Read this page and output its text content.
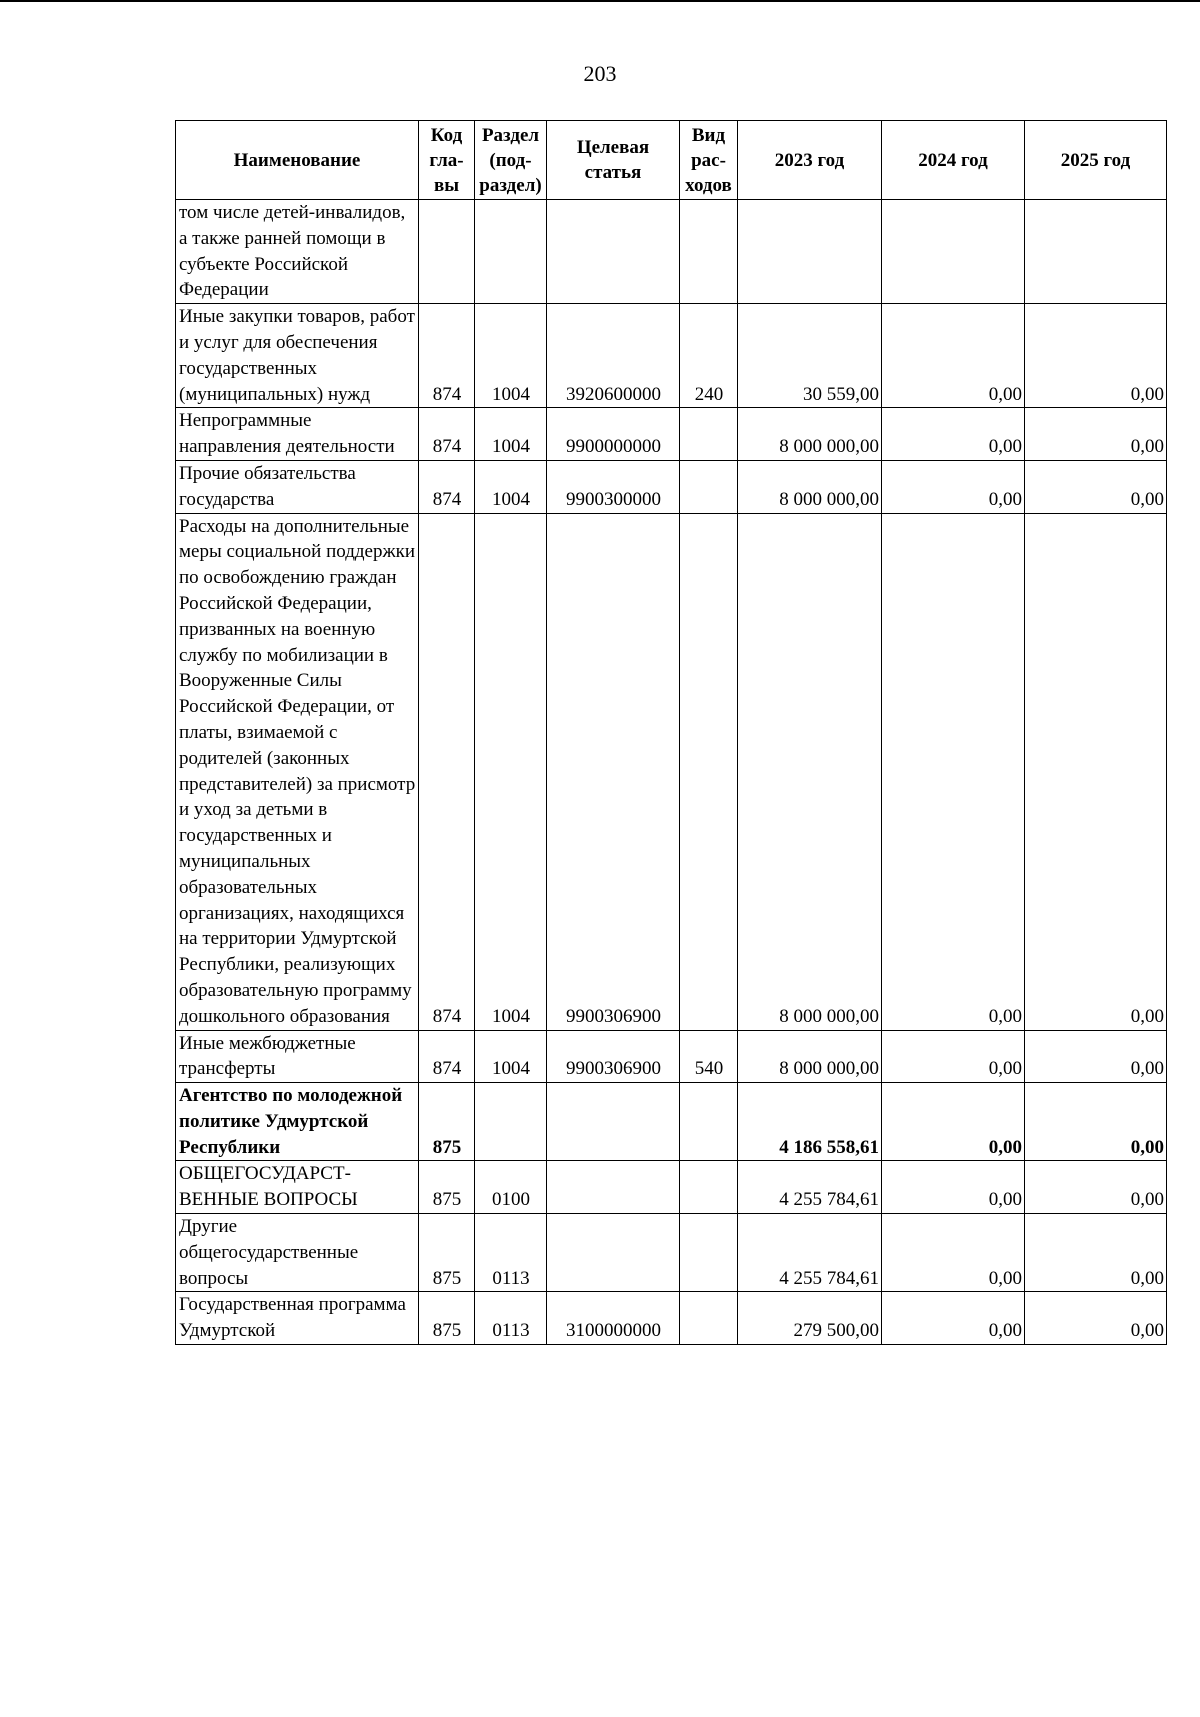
203
Наименование	Код гла-вы	Раздел (под-раздел)	Целевая статья	Вид рас-ходов	2023 год	2024 год	2025 год
том числе детей-инвалидов, а также ранней помощи в субъекте Российской Федерации							
Иные закупки товаров, работ и услуг для обеспечения государственных (муниципальных) нужд	874	1004	3920600000	240	30 559,00	0,00	0,00
Непрограммные направления деятельности	874	1004	9900000000		8 000 000,00	0,00	0,00
Прочие обязательства государства	874	1004	9900300000		8 000 000,00	0,00	0,00
Расходы на дополнительные меры социальной поддержки по освобождению граждан Российской Федерации, призванных на военную службу по мобилизации в Вооруженные Силы Российской Федерации, от платы, взимаемой с родителей (законных представителей) за присмотр и уход за детьми в государственных и муниципальных образовательных организациях, находящихся на территории Удмуртской Республики, реализующих образовательную программу дошкольного образования	874	1004	9900306900		8 000 000,00	0,00	0,00
Иные межбюджетные трансферты	874	1004	9900306900	540	8 000 000,00	0,00	0,00
Агентство по молодежной политике Удмуртской Республики	875				4 186 558,61	0,00	0,00
ОБЩЕГОСУДАРСТ-ВЕННЫЕ ВОПРОСЫ	875	0100			4 255 784,61	0,00	0,00
Другие общегосударственные вопросы	875	0113			4 255 784,61	0,00	0,00
Государственная программа Удмуртской	875	0113	3100000000		279 500,00	0,00	0,00
